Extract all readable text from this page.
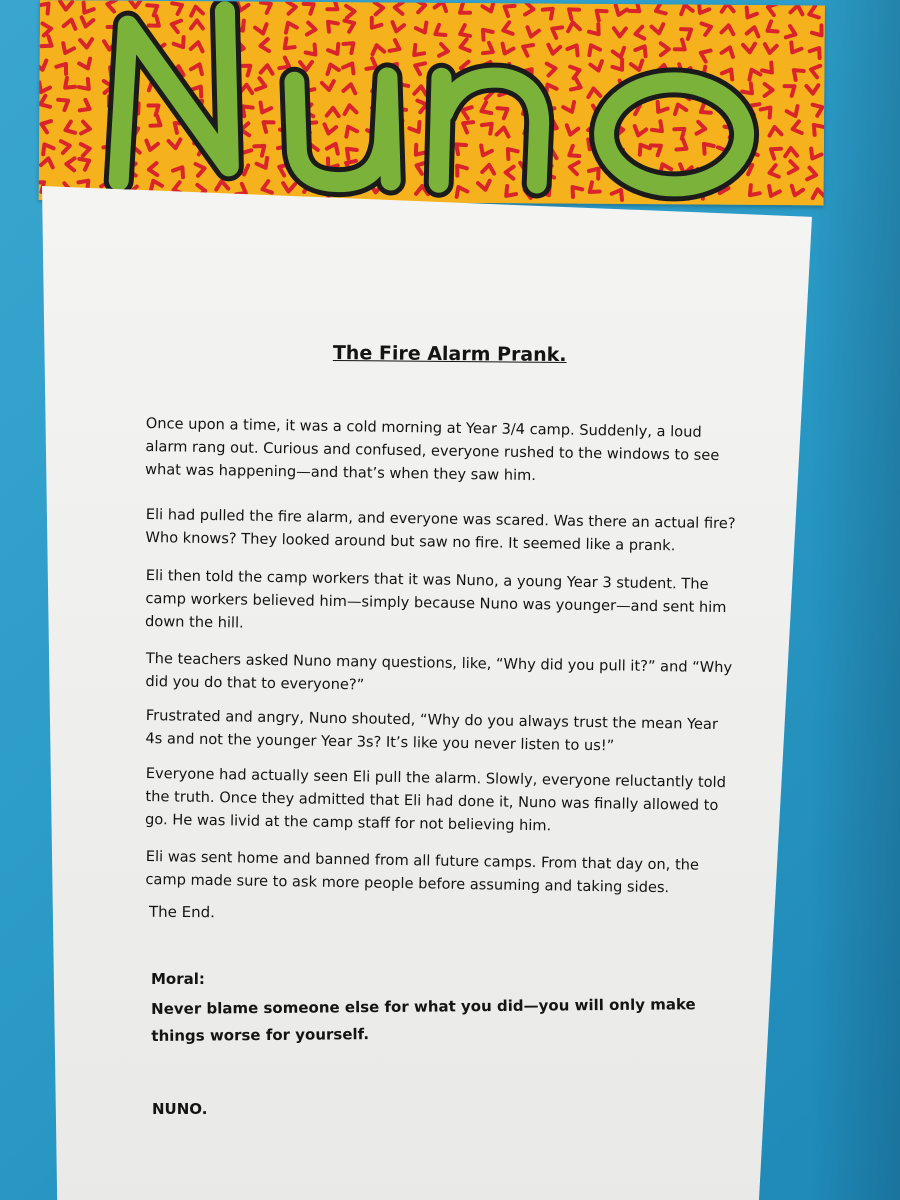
The Fire Alarm Prank.

Once upon a time, it was a cold morning at Year 3/4 camp. Suddenly, a loud alarm rang out. Curious and confused, everyone rushed to the windows to see what was happening—and that’s when they saw him.

Eli had pulled the fire alarm, and everyone was scared. Was there an actual fire? Who knows? They looked around but saw no fire. It seemed like a prank.

Eli then told the camp workers that it was Nuno, a young Year 3 student. The camp workers believed him—simply because Nuno was younger—and sent him down the hill.

The teachers asked Nuno many questions, like, “Why did you pull it?” and “Why did you do that to everyone?”

Frustrated and angry, Nuno shouted, “Why do you always trust the mean Year 4s and not the younger Year 3s? It’s like you never listen to us!”

Everyone had actually seen Eli pull the alarm. Slowly, everyone reluctantly told the truth. Once they admitted that Eli had done it, Nuno was finally allowed to go. He was livid at the camp staff for not believing him.

Eli was sent home and banned from all future camps. From that day on, the camp made sure to ask more people before assuming and taking sides.

The End.
Moral:

Never blame someone else for what you did—you will only make things worse for yourself.

NUNO.
